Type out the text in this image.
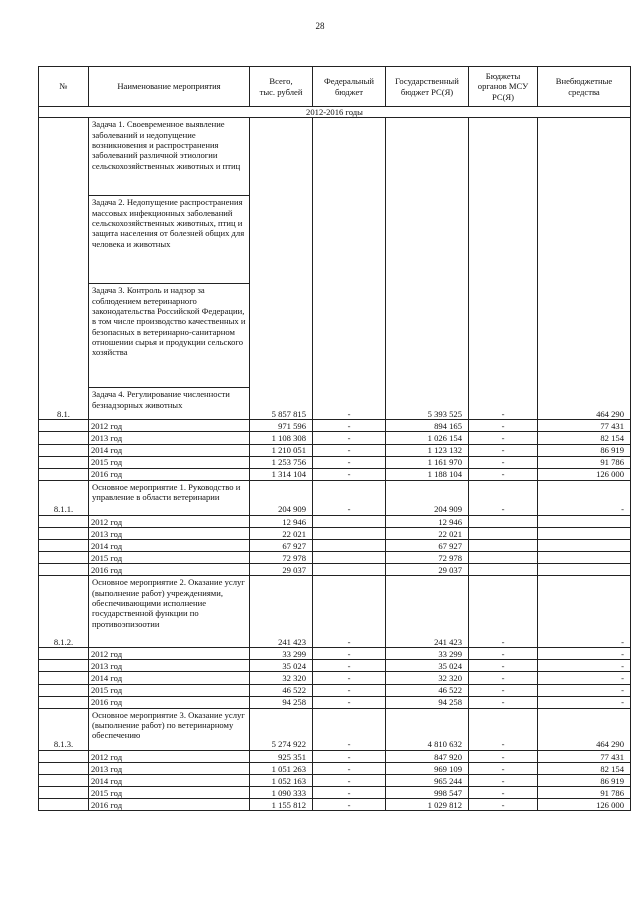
28
№	Наименование мероприятия	Всего,
тыс. рублей	Федеральный бюджет	Государственный бюджет РС(Я)	Бюджеты органов МСУ РС(Я)	Внебюджетные средства
2012-2016 годы						
8.1.	Задача 1. Своевременное выявление заболеваний и недопущение возникновения и распространения заболеваний различной этиологии сельскохозяйственных животных и птиц	5 857 815	-	5 393 525	-	464 290
	Задача 2. Недопущение распространения массовых инфекционных заболеваний сельскохозяйственных животных, птиц и защита населения от болезней общих для человека и животных					
	Задача 3. Контроль и надзор за соблюдением ветеринарного законодательства Российской Федерации, в том числе производство качественных и безопасных в ветеринарно-санитарном отношении сырья и продукции сельского хозяйства					
	Задача 4. Регулирование численности безнадзорных животных					
	2012 год	971 596	-	894 165	-	77 431
	2013 год	1 108 308	-	1 026 154	-	82 154
	2014 год	1 210 051	-	1 123 132	-	86 919
	2015 год	1 253 756	-	1 161 970	-	91 786
	2016 год	1 314 104	-	1 188 104	-	126 000
8.1.1.	Основное мероприятие 1. Руководство и управление в области ветеринарии	204 909	-	204 909	-	-
	2012 год	12 946		12 946		
	2013 год	22 021		22 021		
	2014 год	67 927		67 927		
	2015 год	72 978		72 978		
	2016 год	29 037		29 037		
8.1.2.	Основное мероприятие 2. Оказание услуг (выполнение работ) учреждениями, обеспечивающими исполнение государственной функции по противоэпизоотии	241 423	-	241 423	-	-
	2012 год	33 299	-	33 299	-	-
	2013 год	35 024	-	35 024	-	-
	2014 год	32 320	-	32 320	-	-
	2015 год	46 522	-	46 522	-	-
	2016 год	94 258	-	94 258	-	-
8.1.3.	Основное мероприятие 3. Оказание услуг (выполнение работ) по ветеринарному обеспечению	5 274 922	-	4 810 632	-	464 290
	2012 год	925 351	-	847 920	-	77 431
	2013 год	1 051 263	-	969 109	-	82 154
	2014 год	1 052 163	-	965 244	-	86 919
	2015 год	1 090 333	-	998 547	-	91 786
	2016 год	1 155 812	-	1 029 812	-	126 000
